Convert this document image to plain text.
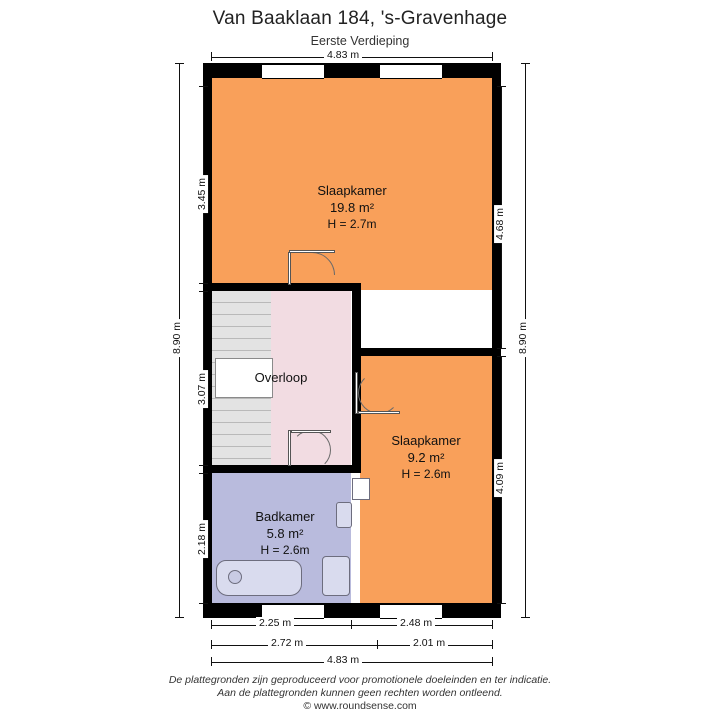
Van Baaklaan 184, 's-Gravenhage
Eerste Verdieping
Slaapkamer
19.8 m²
H = 2.7m
Overloop
Slaapkamer
9.2 m²
H = 2.6m
Badkamer
5.8 m²
H = 2.6m
4.83 m
8.90 m
3.45 m
3.07 m
2.18 m
8.90 m
4.68 m
4.09 m
2.25 m	2.48 m
2.72 m	2.01 m
4.83 m
De plattegronden zijn geproduceerd voor promotionele doeleinden en ter indicatie.
Aan de plattegronden kunnen geen rechten worden ontleend.
© www.roundsense.com
